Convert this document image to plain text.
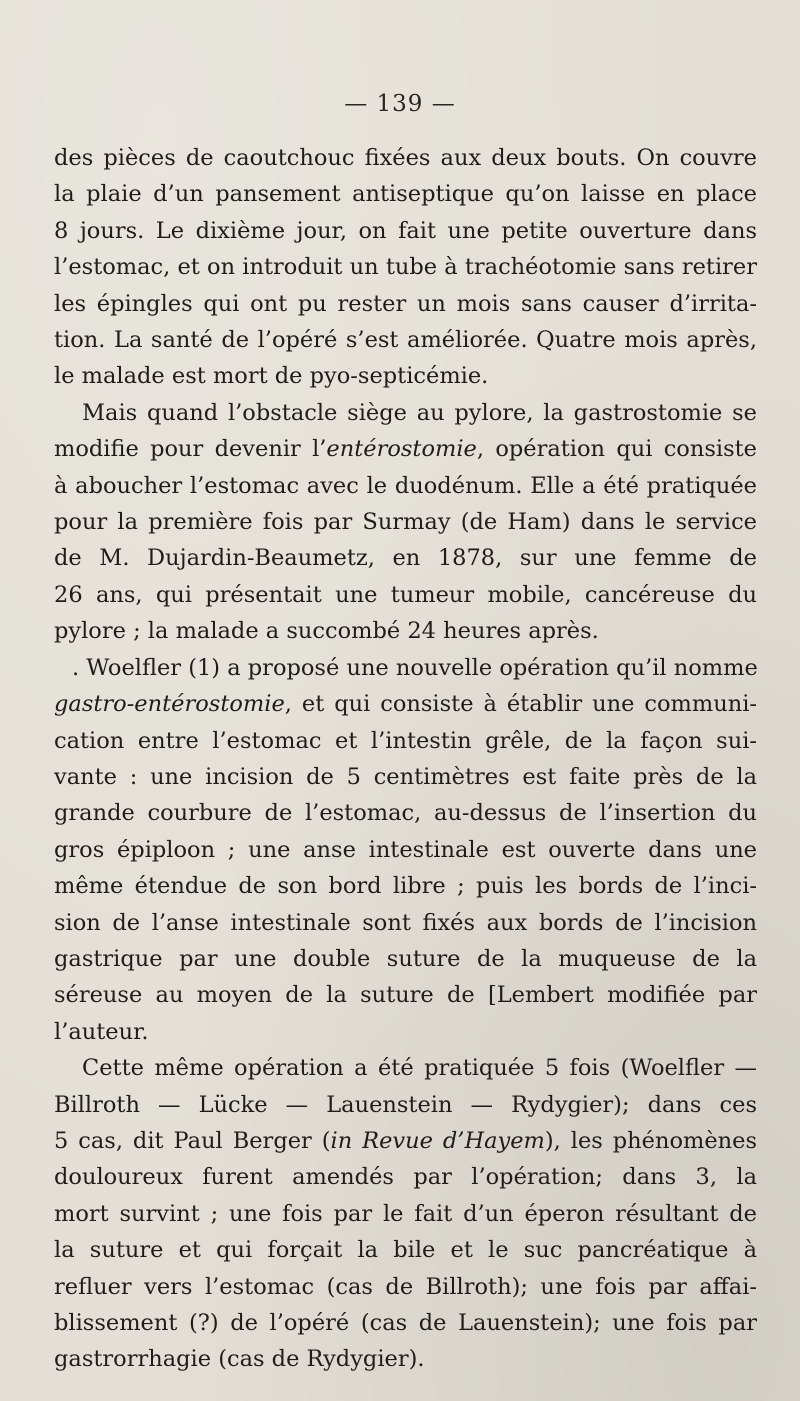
— 139 —
des pièces de caoutchouc fixées aux deux bouts. On couvre
la plaie d’un pansement antiseptique qu’on laisse en place
8 jours. Le dixième jour, on fait une petite ouverture dans
l’estomac, et on introduit un tube à trachéotomie sans retirer
les épingles qui ont pu rester un mois sans causer d’irrita-
tion. La santé de l’opéré s’est améliorée. Quatre mois après,
le malade est mort de pyo-septicémie.
Mais quand l’obstacle siège au pylore, la gastrostomie se
modifie pour devenir l’entérostomie, opération qui consiste
à aboucher l’estomac avec le duodénum. Elle a été pratiquée
pour la première fois par Surmay (de Ham) dans le service
de M. Dujardin-Beaumetz, en 1878, sur une femme de
26 ans, qui présentait une tumeur mobile, cancéreuse du
pylore ; la malade a succombé 24 heures après.
. Woelfler (1) a proposé une nouvelle opération qu’il nomme
gastro-entérostomie, et qui consiste à établir une communi-
cation entre l’estomac et l’intestin grêle, de la façon sui-
vante : une incision de 5 centimètres est faite près de la
grande courbure de l’estomac, au-dessus de l’insertion du
gros épiploon ; une anse intestinale est ouverte dans une
même étendue de son bord libre ; puis les bords de l’inci-
sion de l’anse intestinale sont fixés aux bords de l’incision
gastrique par une double suture de la muqueuse de la
séreuse au moyen de la suture de [Lembert modifiée par
l’auteur.
Cette même opération a été pratiquée 5 fois (Woelfler —
Billroth — Lücke — Lauenstein — Rydygier); dans ces
5 cas, dit Paul Berger (in Revue d’Hayem), les phénomènes
douloureux furent amendés par l’opération; dans 3, la
mort survint ; une fois par le fait d’un éperon résultant de
la suture et qui forçait la bile et le suc pancréatique à
refluer vers l’estomac (cas de Billroth); une fois par affai-
blissement (?) de l’opéré (cas de Lauenstein); une fois par
gastrorrhagie (cas de Rydygier).
